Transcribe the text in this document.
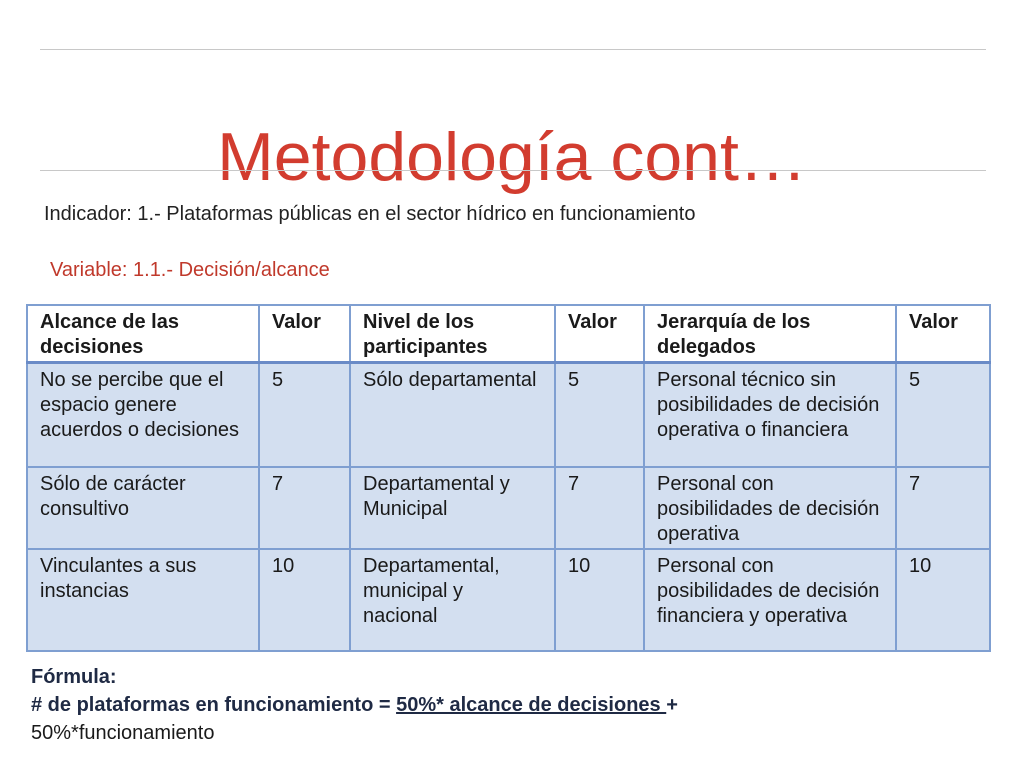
Metodología cont…
Indicador: 1.- Plataformas públicas en el sector hídrico en funcionamiento
Variable: 1.1.- Decisión/alcance
Alcance de las decisiones	Valor	Nivel de los participantes	Valor	Jerarquía de los delegados	Valor
No se percibe que el espacio genere acuerdos o decisiones	5	Sólo departamental	5	Personal técnico sin posibilidades de decisión operativa o financiera	5
Sólo de carácter consultivo	7	Departamental y Municipal	7	Personal con posibilidades de decisión operativa	7
Vinculantes a sus instancias	10	Departamental, municipal y nacional	10	Personal con posibilidades de decisión financiera y operativa	10
Fórmula:
# de plataformas en funcionamiento = 50%* alcance de decisiones +
50%*funcionamiento
